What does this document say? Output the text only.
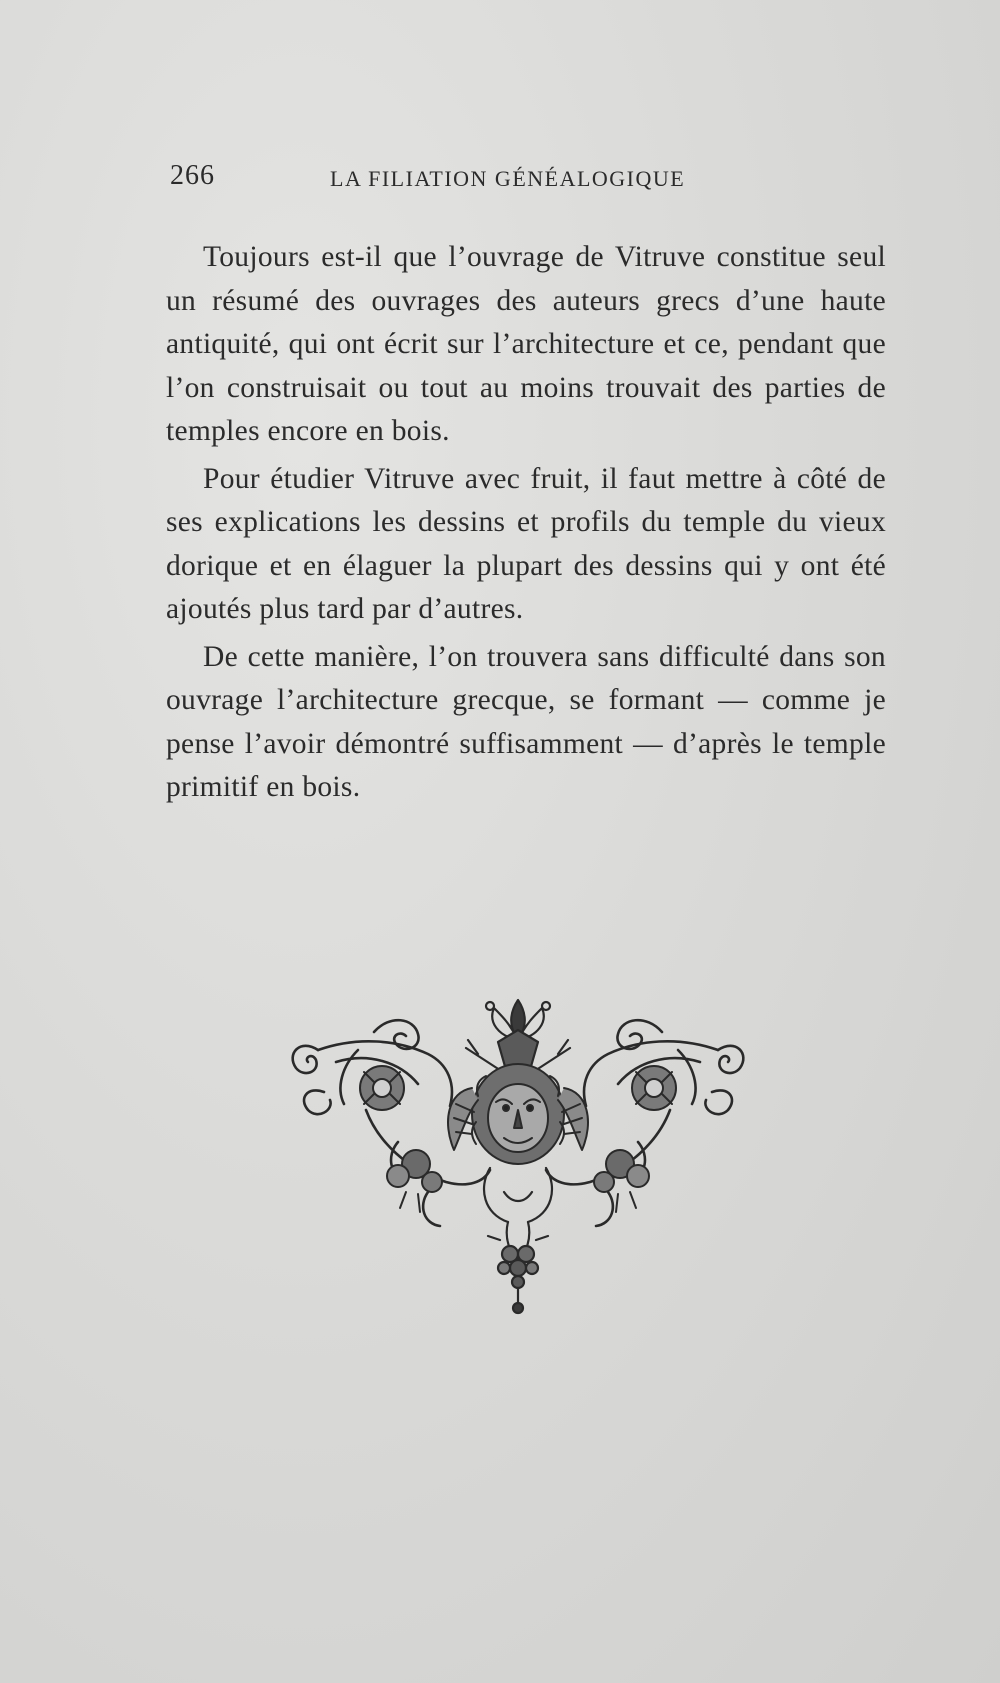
266	LA FILIATION GÉNÉALOGIQUE

Toujours est-il que l’ouvrage de Vitruve constitue seul un résumé des ouvrages des auteurs grecs d’une haute antiquité, qui ont écrit sur l’architecture et ce, pendant que l’on construisait ou tout au moins trouvait des parties de temples encore en bois.

Pour étudier Vitruve avec fruit, il faut mettre à côté de ses explications les dessins et profils du temple du vieux dorique et en élaguer la plupart des dessins qui y ont été ajoutés plus tard par d’autres.

De cette manière, l’on trouvera sans difficulté dans son ouvrage l’architecture grecque, se formant — comme je pense l’avoir démontré suffisamment — d’après le temple primitif en bois.
